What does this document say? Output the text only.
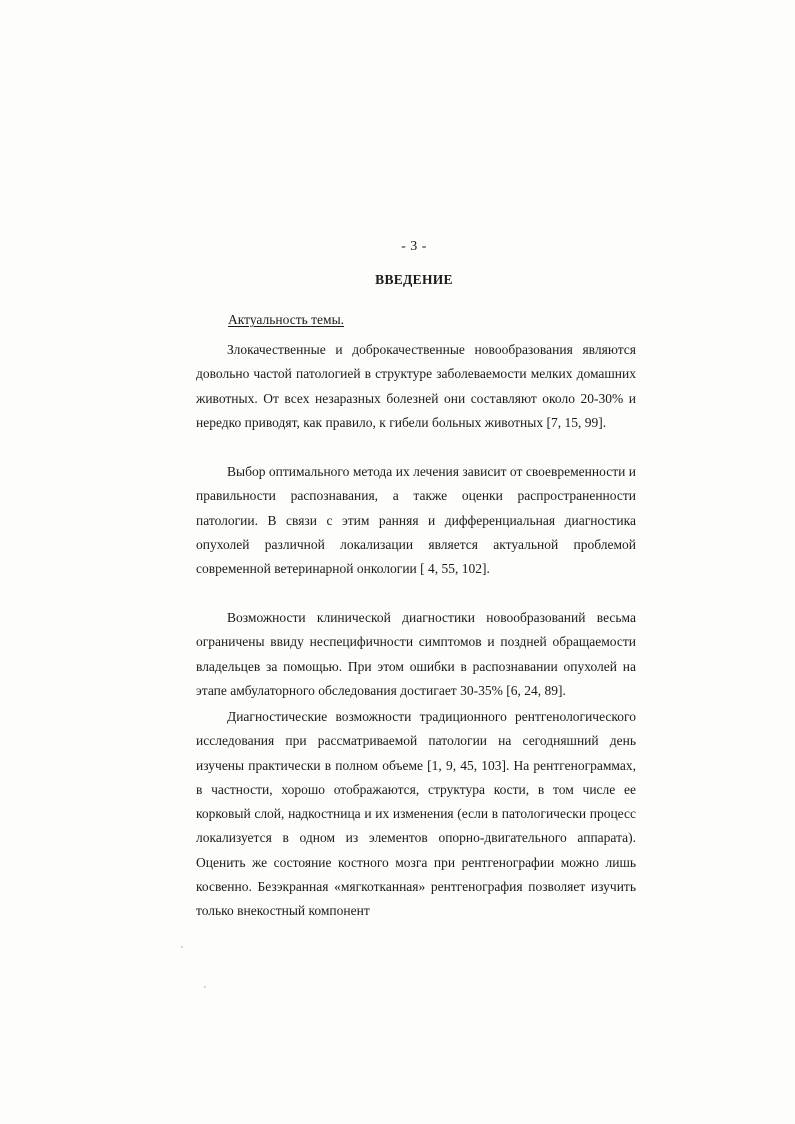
- 3 -
ВВЕДЕНИЕ
Актуальность темы.

Злокачественные и доброкачественные новообразования являются довольно частой патологией в структуре заболеваемости мелких домашних животных. От всех незаразных болезней они составляют около 20-30% и нередко приводят, как правило, к гибели больных животных [7, 15, 99].

Выбор оптимального метода их лечения зависит от своевременности и правильности распознавания, а также оценки распространенности патологии. В связи с этим ранняя и дифференциальная диагностика опухолей различной локализации является актуальной проблемой современной ветеринарной онкологии [ 4, 55, 102].

Возможности клинической диагностики новообразований весьма ограничены ввиду неспецифичности симптомов и поздней обращаемости владельцев за помощью. При этом ошибки в распознавании опухолей на этапе амбулаторного обследования достигает 30-35% [6, 24, 89].

Диагностические возможности традиционного рентгенологического исследования при рассматриваемой патологии на сегодняшний день изучены практически в полном объеме [1, 9, 45, 103]. На рентгенограммах, в частности, хорошо отображаются, структура кости, в том числе ее корковый слой, надкостница и их изменения (если в патологически процесс локализуется в одном из элементов опорно-двигательного аппарата). Оценить же состояние костного мозга при рентгенографии можно лишь косвенно. Безэкранная «мягкотканная» рентгенография позволяет изучить только внекостный компонент
